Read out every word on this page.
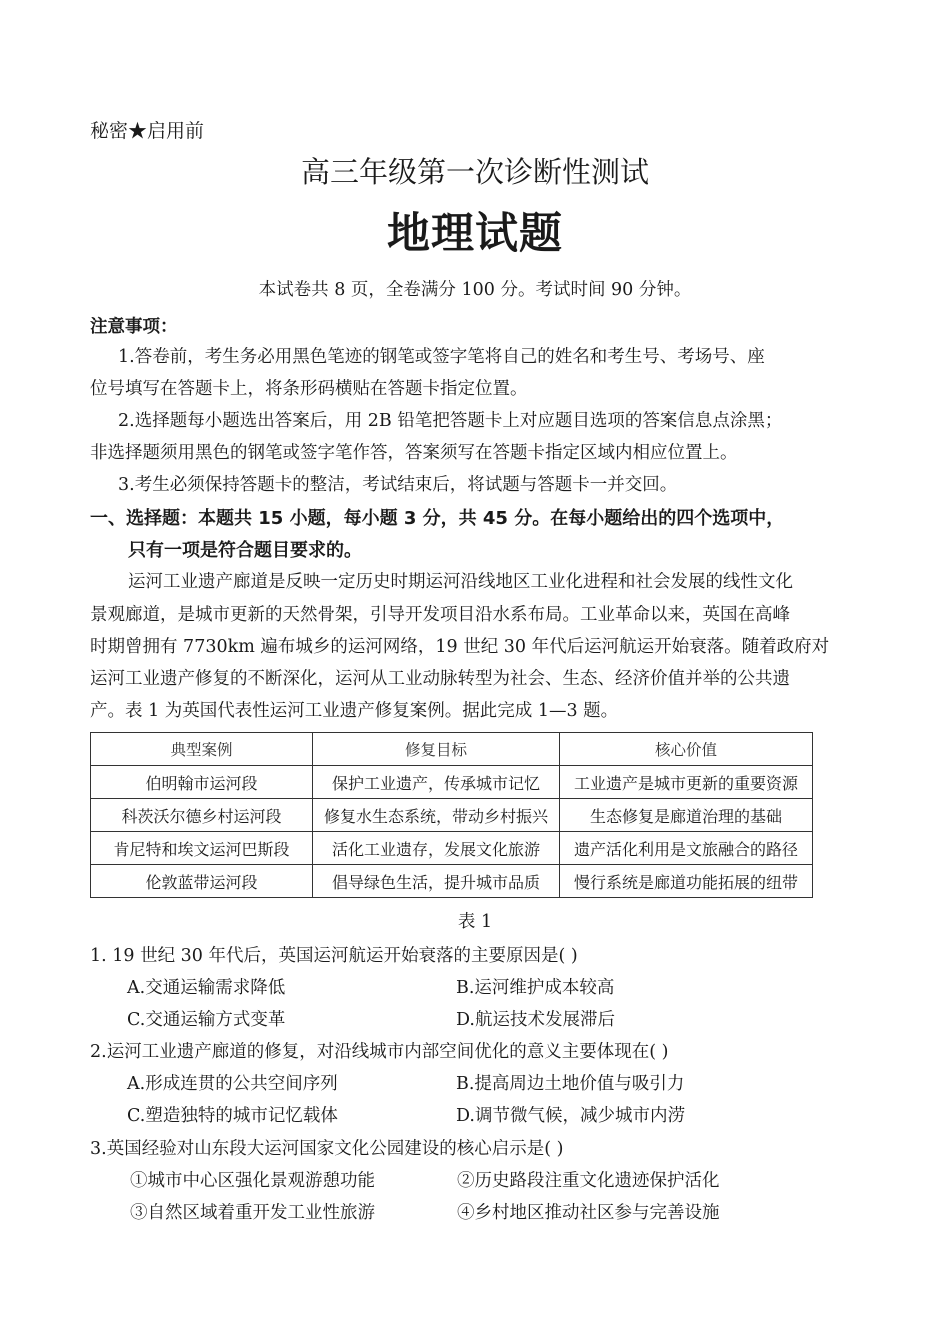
秘密★启用前
高三年级第一次诊断性测试
地理试题
本试卷共 8 页，全卷满分 100 分。考试时间 90 分钟。
注意事项：
1.答卷前，考生务必用黑色笔迹的钢笔或签字笔将自己的姓名和考生号、考场号、座
位号填写在答题卡上，将条形码横贴在答题卡指定位置。
2.选择题每小题选出答案后，用 2B 铅笔把答题卡上对应题目选项的答案信息点涂黑；
非选择题须用黑色的钢笔或签字笔作答，答案须写在答题卡指定区域内相应位置上。
3.考生必须保持答题卡的整洁，考试结束后，将试题与答题卡一并交回。
一、选择题：本题共 15 小题，每小题 3 分，共 45 分。在每小题给出的四个选项中，
只有一项是符合题目要求的。
运河工业遗产廊道是反映一定历史时期运河沿线地区工业化进程和社会发展的线性文化
景观廊道，是城市更新的天然骨架，引导开发项目沿水系布局。工业革命以来，英国在高峰
时期曾拥有 7730km 遍布城乡的运河网络，19 世纪 30 年代后运河航运开始衰落。随着政府对
运河工业遗产修复的不断深化，运河从工业动脉转型为社会、生态、经济价值并举的公共遗
产。表 1 为英国代表性运河工业遗产修复案例。据此完成 1—3 题。
典型案例	修复目标	核心价值
伯明翰市运河段	保护工业遗产，传承城市记忆	工业遗产是城市更新的重要资源
科茨沃尔德乡村运河段	修复水生态系统，带动乡村振兴	生态修复是廊道治理的基础
肯尼特和埃文运河巴斯段	活化工业遗存，发展文化旅游	遗产活化利用是文旅融合的路径
伦敦蓝带运河段	倡导绿色生活，提升城市品质	慢行系统是廊道功能拓展的纽带
表 1
1. 19 世纪 30 年代后，英国运河航运开始衰落的主要原因是( )
A.交通运输需求降低	B.运河维护成本较高
C.交通运输方式变革	D.航运技术发展滞后
2.运河工业遗产廊道的修复，对沿线城市内部空间优化的意义主要体现在( )
A.形成连贯的公共空间序列	B.提高周边土地价值与吸引力
C.塑造独特的城市记忆载体	D.调节微气候，减少城市内涝
3.英国经验对山东段大运河国家文化公园建设的核心启示是( )
①城市中心区强化景观游憩功能	②历史路段注重文化遗迹保护活化
③自然区域着重开发工业性旅游	④乡村地区推动社区参与完善设施
